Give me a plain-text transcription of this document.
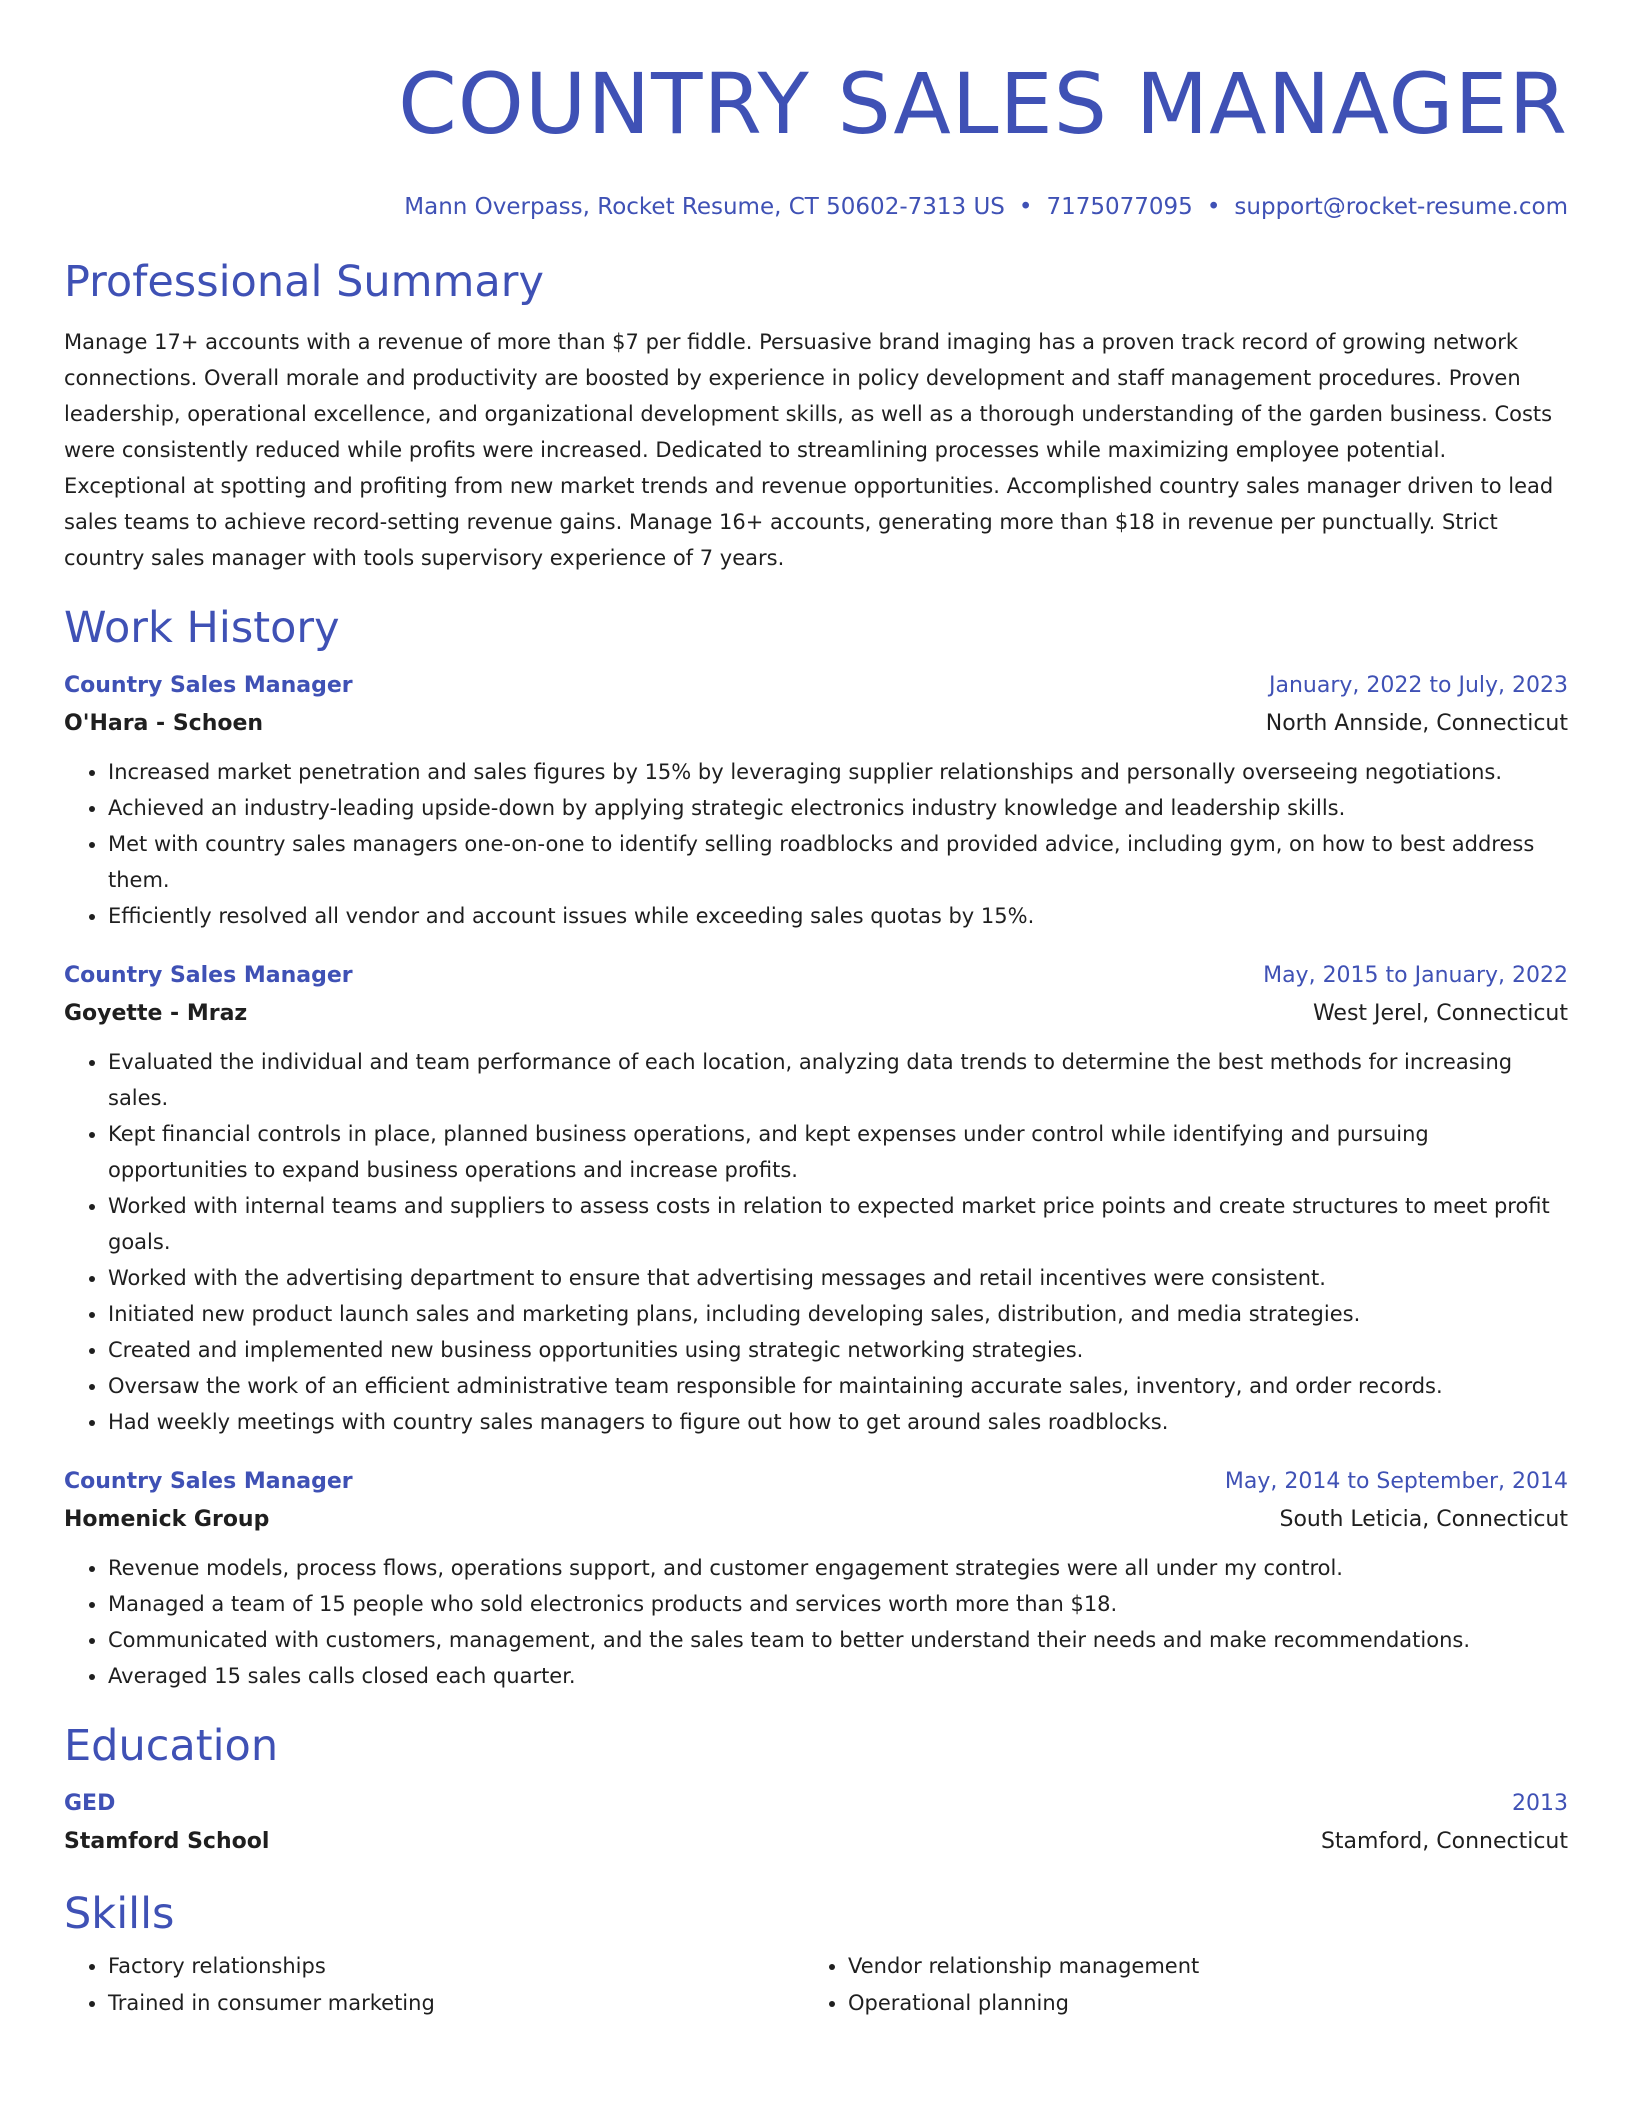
COUNTRY SALES MANAGER
Mann Overpass, Rocket Resume, CT 50602-7313 US • 7175077095 • support@rocket-resume.com
Professional Summary
Manage 17+ accounts with a revenue of more than $7 per fiddle. Persuasive brand imaging has a proven track record of growing network connections. Overall morale and productivity are boosted by experience in policy development and staff management procedures. Proven leadership, operational excellence, and organizational development skills, as well as a thorough understanding of the garden business. Costs were consistently reduced while profits were increased. Dedicated to streamlining processes while maximizing employee potential. Exceptional at spotting and profiting from new market trends and revenue opportunities. Accomplished country sales manager driven to lead sales teams to achieve record-setting revenue gains. Manage 16+ accounts, generating more than $18 in revenue per punctually. Strict country sales manager with tools supervisory experience of 7 years.
Work History
Country Sales Manager	January, 2022 to July, 2023
O'Hara - Schoen	North Annside, Connecticut
• Increased market penetration and sales figures by 15% by leveraging supplier relationships and personally overseeing negotiations.
• Achieved an industry-leading upside-down by applying strategic electronics industry knowledge and leadership skills.
• Met with country sales managers one-on-one to identify selling roadblocks and provided advice, including gym, on how to best address them.
• Efficiently resolved all vendor and account issues while exceeding sales quotas by 15%.
Country Sales Manager	May, 2015 to January, 2022
Goyette - Mraz	West Jerel, Connecticut
• Evaluated the individual and team performance of each location, analyzing data trends to determine the best methods for increasing sales.
• Kept financial controls in place, planned business operations, and kept expenses under control while identifying and pursuing opportunities to expand business operations and increase profits.
• Worked with internal teams and suppliers to assess costs in relation to expected market price points and create structures to meet profit goals.
• Worked with the advertising department to ensure that advertising messages and retail incentives were consistent.
• Initiated new product launch sales and marketing plans, including developing sales, distribution, and media strategies.
• Created and implemented new business opportunities using strategic networking strategies.
• Oversaw the work of an efficient administrative team responsible for maintaining accurate sales, inventory, and order records.
• Had weekly meetings with country sales managers to figure out how to get around sales roadblocks.
Country Sales Manager	May, 2014 to September, 2014
Homenick Group	South Leticia, Connecticut
• Revenue models, process flows, operations support, and customer engagement strategies were all under my control.
• Managed a team of 15 people who sold electronics products and services worth more than $18.
• Communicated with customers, management, and the sales team to better understand their needs and make recommendations.
• Averaged 15 sales calls closed each quarter.
Education
GED	2013
Stamford School	Stamford, Connecticut
Skills
• Factory relationships
• Trained in consumer marketing
• Vendor relationship management
• Operational planning
